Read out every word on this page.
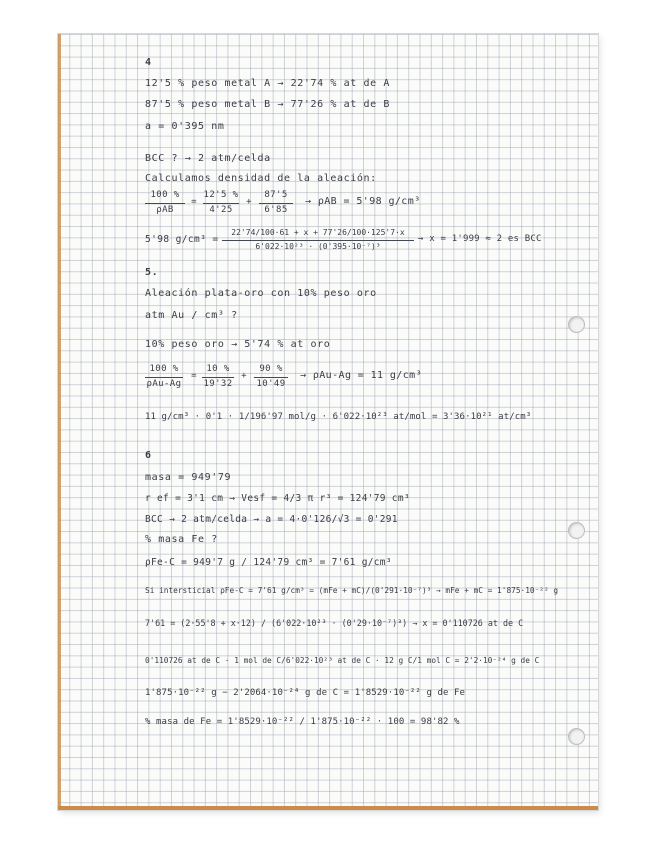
4
12'5 % peso metal A → 22'74 % at de A
87'5 % peso metal B → 77'26 % at de B
a = 0'395 nm
BCC ? → 2 atm/celda
Calculamos densidad de la aleación:
100 %
ρAB
=
12'5 %
4'25
+
87'5
6'85
→ ρAB = 5'98 g/cm³
5'98 g/cm³ =
22'74/100·61 + x + 77'26/100·125'7·x
6'022·10²³ · (0'395·10⁻⁷)³
→ x = 1'999 ≈ 2 es BCC
5.
Aleación plata-oro con 10% peso oro
atm Au / cm³ ?
10% peso oro → 5'74 % at oro
100 %
ρAu-Ag
=
10 %
19'32
+
90 %
10'49
→ ρAu-Ag = 11 g/cm³
11 g/cm³ · 0'1 · 1/196'97 mol/g · 6'022·10²³ at/mol = 3'36·10²¹ at/cm³
6
masa = 949'79
r ef = 3'1 cm → Vesf = 4/3 π r³ = 124'79 cm³
BCC → 2 atm/celda → a = 4·0'126/√3 = 0'291
% masa Fe ?
ρFe-C = 949'7 g / 124'79 cm³ = 7'61 g/cm³
Si intersticial ρFe-C = 7'61 g/cm³ = (mFe + mC)/(0'291·10⁻⁷)³ → mFe + mC = 1'875·10⁻²² g
7'61 = (2·55'8 + x·12) / (6'022·10²³ · (0'29·10⁻⁷)³) → x = 0'110726 at de C
0'110726 at de C · 1 mol de C/6'022·10²³ at de C · 12 g C/1 mol C = 2'2·10⁻²⁴ g de C
1'875·10⁻²² g − 2'2064·10⁻²⁴ g de C = 1'8529·10⁻²² g de Fe
% masa de Fe = 1'8529·10⁻²² / 1'875·10⁻²² · 100 = 98'82 %
